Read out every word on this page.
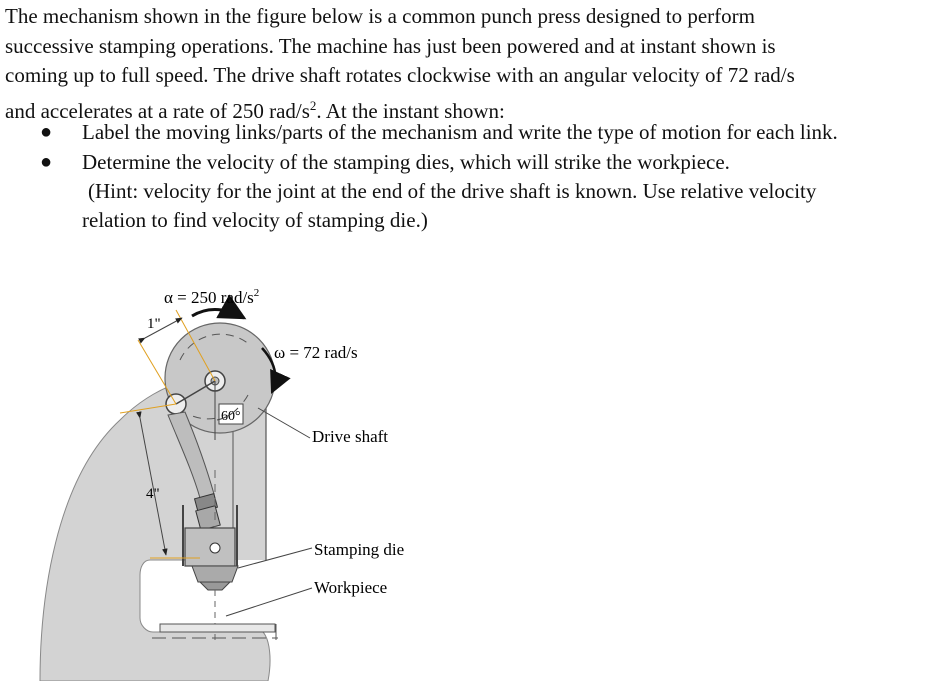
The mechanism shown in the figure below is a common punch press designed to perform

successive stamping operations. The machine has just been powered and at instant shown is

coming up to full speed. The drive shaft rotates clockwise with an angular velocity of 72 rad/s

and accelerates at a rate of 250 rad/$s^2$. At the instant shown:

● Label the moving links/parts of the mechanism and write the type of motion for each link.
● Determine the velocity of the stamping dies, which will strike the workpiece.
(Hint: velocity for the joint at the end of the drive shaft is known. Use relative velocity
relation to find velocity of stamping die.)
60°
1"
4"
α = 250 rad/$s^2$
ω = 72 rad/s
Drive shaft
Stamping die
Workpiece
